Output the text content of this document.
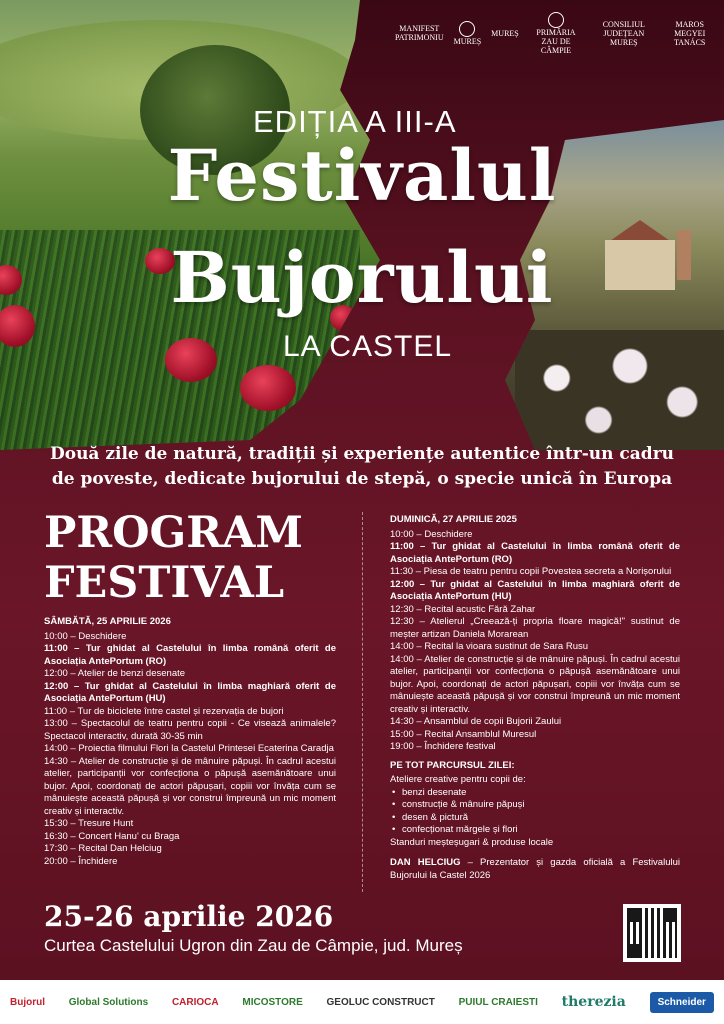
MANIFEST PATRIMONIU MUREȘ
MUREȘ	PRIMĂRIA ZAU DE CÂMPIE
CONSILIUL JUDEȚEAN MUREȘ
MAROS MEGYEI TANÁCS
EDIȚIA A III-A
Festivalul
Bujorului
LA CASTEL
Două zile de natură, tradiții și experiențe autentice într-un cadru
de poveste, dedicate bujorului de stepă, o specie unică în Europa
PROGRAM
FESTIVAL
SÂMBĂTĂ, 25 APRILIE 2026
10:00 – Deschidere
11:00 – Tur ghidat al Castelului în limba română oferit de Asociația AntePortum (RO)
12:00 – Atelier de benzi desenate
12:00 – Tur ghidat al Castelului în limba maghiară oferit de Asociația AntePortum (HU)
11:00 – Tur de biciclete între castel și rezervația de bujori
13:00 – Spectacolul de teatru pentru copii - Ce visează animalele? Spectacol interactiv, durată 30-35 min
14:00 – Proiectia filmului Flori la Castelul Printesei Ecaterina Caradja
14:30 – Atelier de construcție și de mânuire păpuși. În cadrul acestui atelier, participanții vor confecționa o păpușă asemănătoare unui bujor. Apoi, coordonați de actori păpușari, copiii vor învăța cum se mânuiește această păpușă și vor construi împreună un mic moment creativ și interactiv.
15:30 – Tresure Hunt
16:30 – Concert Hanu' cu Braga
17:30 – Recital Dan Helciug
20:00 – Închidere
DUMINICĂ, 27 APRILIE 2025
10:00 – Deschidere
11:00 – Tur ghidat al Castelului în limba română oferit de Asociația AntePortum (RO)
11:30 – Piesa de teatru pentru copii Povestea secreta a Norișorului
12:00 – Tur ghidat al Castelului în limba maghiară oferit de Asociația AntePortum (HU)
12:30 – Recital acustic Fără Zahar
12:30 – Atelierul „Creează-ți propria floare magică!" sustinut de meșter artizan Daniela Morarean
14:00 – Recital la vioara sustinut de Sara Rusu
14:00 – Atelier de construcție și de mânuire păpuși. În cadrul acestui atelier, participanții vor confecționa o păpușă asemănătoare unui bujor. Apoi, coordonați de actori păpușari, copiii vor învăța cum se mânuiește această păpușă și vor construi împreună un mic moment creativ și interactiv.
14:30 – Ansamblul de copii Bujorii Zaului
15:00 – Recital Ansamblul Muresul
19:00 – Închidere festival
PE TOT PARCURSUL ZILEI:
Ateliere creative pentru copii de:
• benzi desenate
• construcție & mânuire păpuși
• desen & pictură
• confecționat mărgele și flori
Standuri meșteșugari & produse locale
DAN HELCIUG – Prezentator și gazda oficială a Festivalului Bujorului la Castel 2026
25-26 aprilie 2026
Curtea Castelului Ugron din Zau de Câmpie, jud. Mureș
Bujorul Global Solutions CARIOCA MICOSTORE GEOLUC CONSTRUCT PUIUL CRAIESTI therezia	Schneider
